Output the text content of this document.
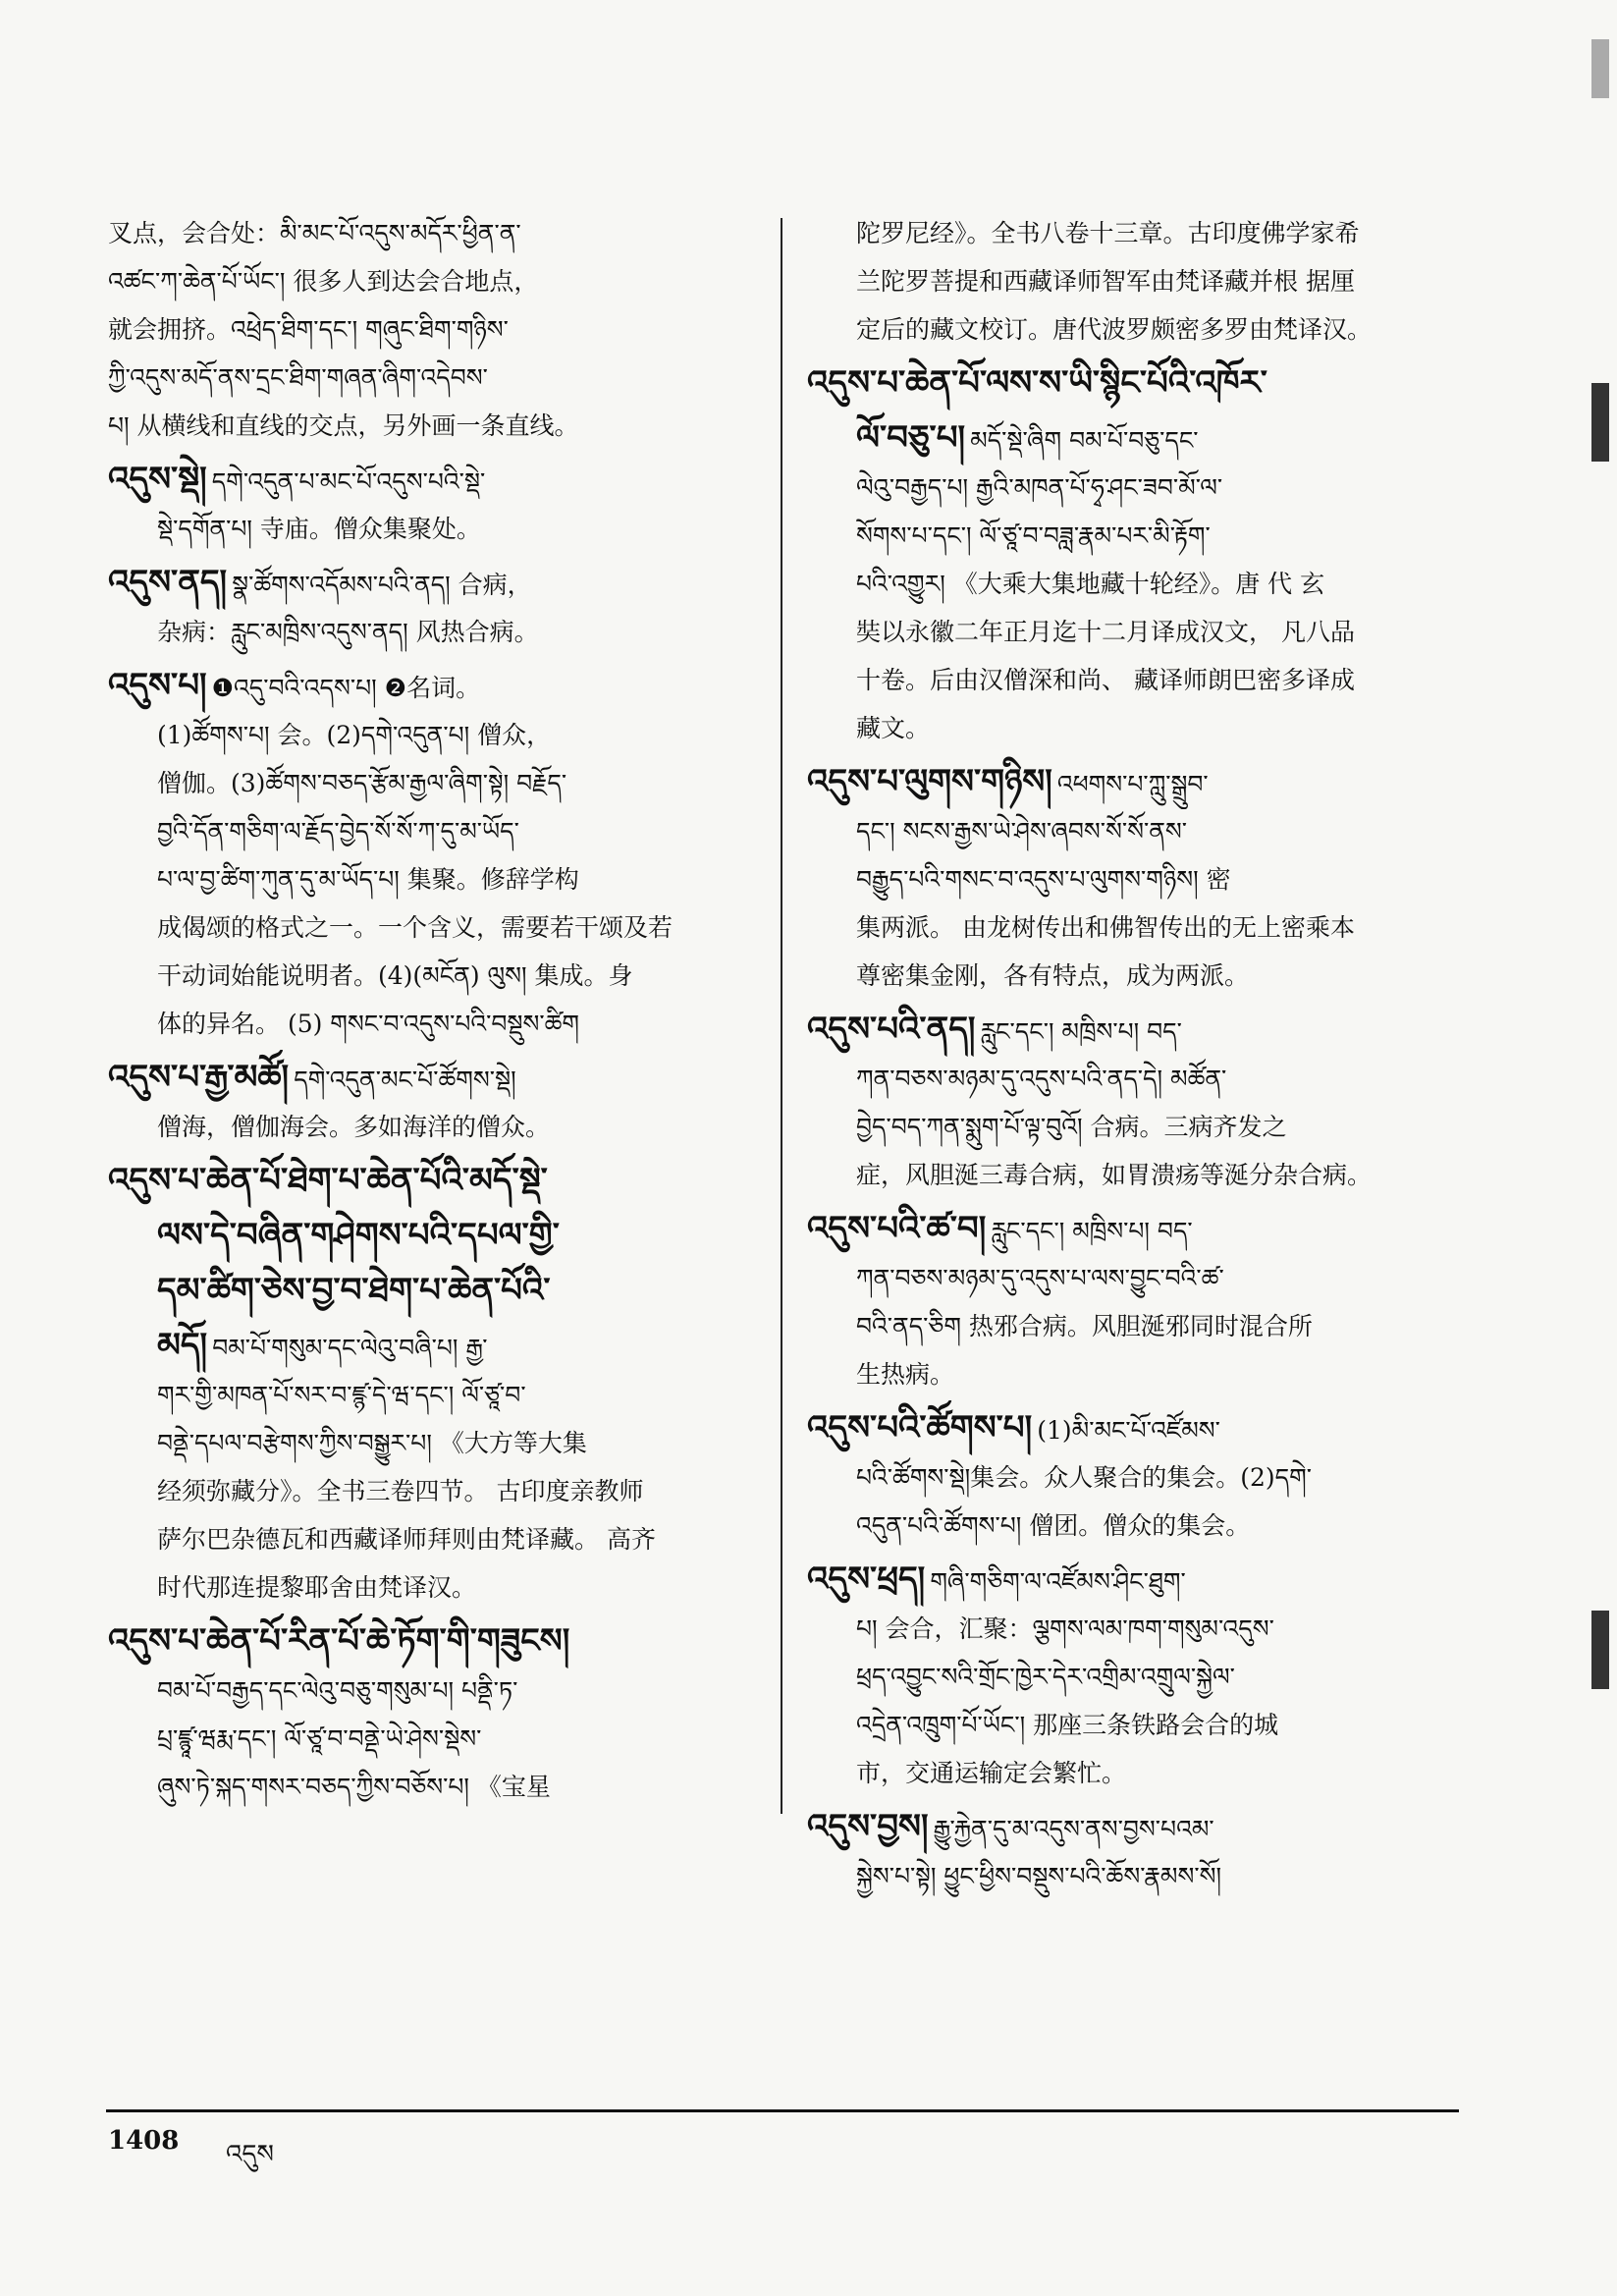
叉点，会合处：མི་མང་པོ་འདུས་མདོར་ཕྱིན་ན་
འཚང་ཀ་ཆེན་པོ་ཡོང་། 很多人到达会合地点，
就会拥挤。འཕྲེད་ཐིག་དང་། གཞུང་ཐིག་གཉིས་
ཀྱི་འདུས་མདོ་ནས་དྲང་ཐིག་གཞན་ཞིག་འདེབས་
པ། 从横线和直线的交点，另外画一条直线。
འདུས་སྡེ། དགེ་འདུན་པ་མང་པོ་འདུས་པའི་སྡེ་
སྡེ་དགོན་པ། 寺庙。僧众集聚处。
འདུས་ནད། སྣ་ཚོགས་འདོམས་པའི་ནད། 合病，
杂病：རླུང་མཁྲིས་འདུས་ནད། 风热合病。
འདུས་པ། ❶འདུ་བའི་འདས་པ། ❷名词。
(1)ཚོགས་པ། 会。(2)དགེ་འདུན་པ། 僧众，
僧伽。(3)ཚོགས་བཅད་རྩོམ་རྒྱལ་ཞིག་སྟེ། བརྗོད་
བྱའི་དོན་གཅིག་ལ་རྗོད་བྱེད་སོ་སོ་ཀ་དུ་མ་ཡོད་
པ་ལ་བྱ་ཚིག་ཀུན་དུ་མ་ཡོད་པ། 集聚。修辞学构
成偈颂的格式之一。一个含义，需要若干颂及若
干动词始能说明者。(4)(མངོན) ལུས། 集成。身
体的异名。 (5) གསང་བ་འདུས་པའི་བསྡུས་ཚིག
འདུས་པ་རྒྱ་མཚོ། དགེ་འདུན་མང་པོ་ཚོགས་སྡེ།
僧海，僧伽海会。多如海洋的僧众。
འདུས་པ་ཆེན་པོ་ཐེག་པ་ཆེན་པོའི་མདོ་སྡེ་
ལས་དེ་བཞིན་གཤེགས་པའི་དཔལ་གྱི་
དམ་ཚིག་ཅེས་བྱ་བ་ཐེག་པ་ཆེན་པོའི་
མདོ། བམ་པོ་གསུམ་དང་ལེའུ་བཞི་པ། རྒྱ་
གར་གྱི་མཁན་པོ་སར་བ་ཛྙ་དེ་ཝ་དང་། ལོ་ཙཱ་བ་
བནྡེ་དཔལ་བརྩེགས་ཀྱིས་བསྒྱུར་པ། 《大方等大集
经须弥藏分》。全书三卷四节。 古印度亲教师
萨尔巴杂德瓦和西藏译师拜则由梵译藏。 高齐
时代那连提黎耶舍由梵译汉。
འདུས་པ་ཆེན་པོ་རིན་པོ་ཆེ་ཏོག་གི་གཟུངས།
བམ་པོ་བརྒྱད་དང་ལེའུ་བཅུ་གསུམ་པ། པནྡི་ཏ་
པྲ་ཛྙཱ་ཝརྨ་དང་། ལོ་ཙཱ་བ་བནྡེ་ཡེ་ཤེས་སྡེས་
ཞུས་ཏེ་སྐད་གསར་བཅད་ཀྱིས་བཅོས་པ། 《宝星
陀罗尼经》。全书八卷十三章。古印度佛学家希
兰陀罗菩提和西藏译师智军由梵译藏并根 据厘
定后的藏文校订。唐代波罗颇密多罗由梵译汉。
འདུས་པ་ཆེན་པོ་ལས་ས་ཡི་སྙིང་པོའི་འཁོར་
ལོ་བཅུ་པ། མདོ་སྡེ་ཞིག བམ་པོ་བཅུ་དང་
ལེའུ་བརྒྱད་པ། རྒྱའི་མཁན་པོ་ཧྭ་ཤང་ཟབ་མོ་ལ་
སོགས་པ་དང་། ལོ་ཙཱ་བ་བཟླ་རྣམ་པར་མི་རྟོག་
པའི་འགྱུར། 《大乘大集地藏十轮经》。唐 代 玄
奘以永徽二年正月迄十二月译成汉文， 凡八品
十卷。后由汉僧深和尚、 藏译师朗巴密多译成
藏文。
འདུས་པ་ལུགས་གཉིས། འཕགས་པ་ཀླུ་སྒྲུབ་
དང་། སངས་རྒྱས་ཡེ་ཤེས་ཞབས་སོ་སོ་ནས་
བརྒྱུད་པའི་གསང་བ་འདུས་པ་ལུགས་གཉིས། 密
集两派。 由龙树传出和佛智传出的无上密乘本
尊密集金刚，各有特点，成为两派。
འདུས་པའི་ནད། རླུང་དང་། མཁྲིས་པ། བད་
ཀན་བཅས་མཉམ་དུ་འདུས་པའི་ནད་དེ། མཚོན་
བྱེད་བད་ཀན་སྨུག་པོ་ལྟ་བུའོ། 合病。三病齐发之
症，风胆涎三毒合病，如胃溃疡等涎分杂合病。
འདུས་པའི་ཚ་བ། རླུང་དང་། མཁྲིས་པ། བད་
ཀན་བཅས་མཉམ་དུ་འདུས་པ་ལས་བྱུང་བའི་ཚ་
བའི་ནད་ཅིག 热邪合病。风胆涎邪同时混合所
生热病。
འདུས་པའི་ཚོགས་པ། (1)མི་མང་པོ་འཛོམས་
པའི་ཚོགས་སྡེ།集会。众人聚合的集会。(2)དགེ་
འདུན་པའི་ཚོགས་པ། 僧团。僧众的集会。
འདུས་ཕྲད། གཞི་གཅིག་ལ་འཛོམས་ཤིང་ཐུག་
པ། 会合，汇聚：ལྕགས་ལམ་ཁག་གསུམ་འདུས་
ཕྲད་འབྱུང་སའི་གྲོང་ཁྱེར་དེར་འགྲིམ་འགྲུལ་སྐྱེལ་
འདྲེན་འཁྲུག་པོ་ཡོང་། 那座三条铁路会合的城
市，交通运输定会繁忙。
འདུས་བྱས། རྒྱུ་རྐྱེན་དུ་མ་འདུས་ནས་བྱས་པའམ་
སྐྱེས་པ་སྟེ། ཕྱུང་ཕྱིས་བསྡུས་པའི་ཆོས་རྣམས་སོ།
1408 འདུས
